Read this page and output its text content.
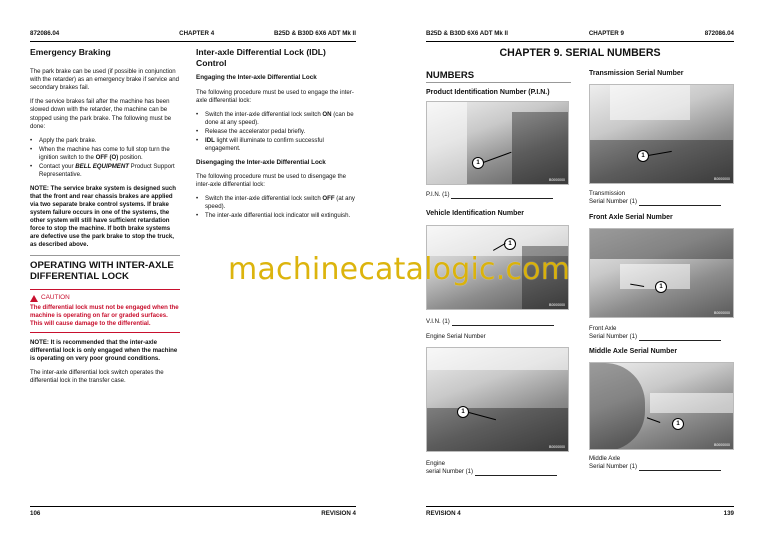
872086.04	CHAPTER 4	B25D & B30D 6X6 ADT Mk II
Emergency Braking

The park brake can be used (if possible in conjunction with the retarder) as an emergency brake if service and secondary brakes fail.

If the service brakes fail after the machine has been slowed down with the retarder, the machine can be stopped using the park brake. The following must be done:

• Apply the park brake.
• When the machine has come to full stop turn the ignition switch to the OFF (O) position.
• Contact your BELL EQUIPMENT Product Support Representative.

NOTE: The service brake system is designed such that the front and rear chassis brakes are applied via two separate brake control systems. If brake system failure occurs in one of the systems, the other system will still have sufficient retardation force to stop the machine. If both brake systems are defective use the park brake to stop the truck, as described above.

OPERATING WITH INTER-AXLE DIFFERENTIAL LOCK
CAUTION

The differential lock must not be engaged when the machine is operating on far or graded surfaces. This will cause damage to the differential.

NOTE: It is recommended that the inter-axle differential lock is only engaged when the machine is operating on very poor ground conditions.

The inter-axle differential lock switch operates the differential lock in the transfer case.

Inter-axle Differential Lock (IDL) Control
Engaging the Inter-axle Differential Lock

The following procedure must be used to engage the inter-axle differential lock:

• Switch the inter-axle differential lock switch ON (can be done at any speed).
• Release the accelerator pedal briefly.
• IDL light will illuminate to confirm successful engagement.
Disengaging the Inter-axle Differential Lock

The following procedure must be used to disengage the inter-axle differential lock:

• Switch the inter-axle differential lock switch OFF (at any speed).
• The inter-axle differential lock indicator will extinguish.
106	REVISION 4
B25D & B30D 6X6 ADT Mk II	CHAPTER 9	872086.04
CHAPTER 9. SERIAL NUMBERS
NUMBERS
Product Identification Number (P.I.N.)
1
B0000000
P.I.N. (1)
Vehicle Identification Number
1
B0000000
V.I.N. (1)
Engine Serial Number
1
B0000000
Engine
serial Number (1)
Transmission Serial Number
1
B0000000
Transmission
Serial Number (1)
Front Axle Serial Number
1
B0000000
Front Axle
Serial Number (1)
Middle Axle Serial Number
1
B0000000
Middle Axle
Serial Number (1)
REVISION 4	139
machinecatalogic.com
